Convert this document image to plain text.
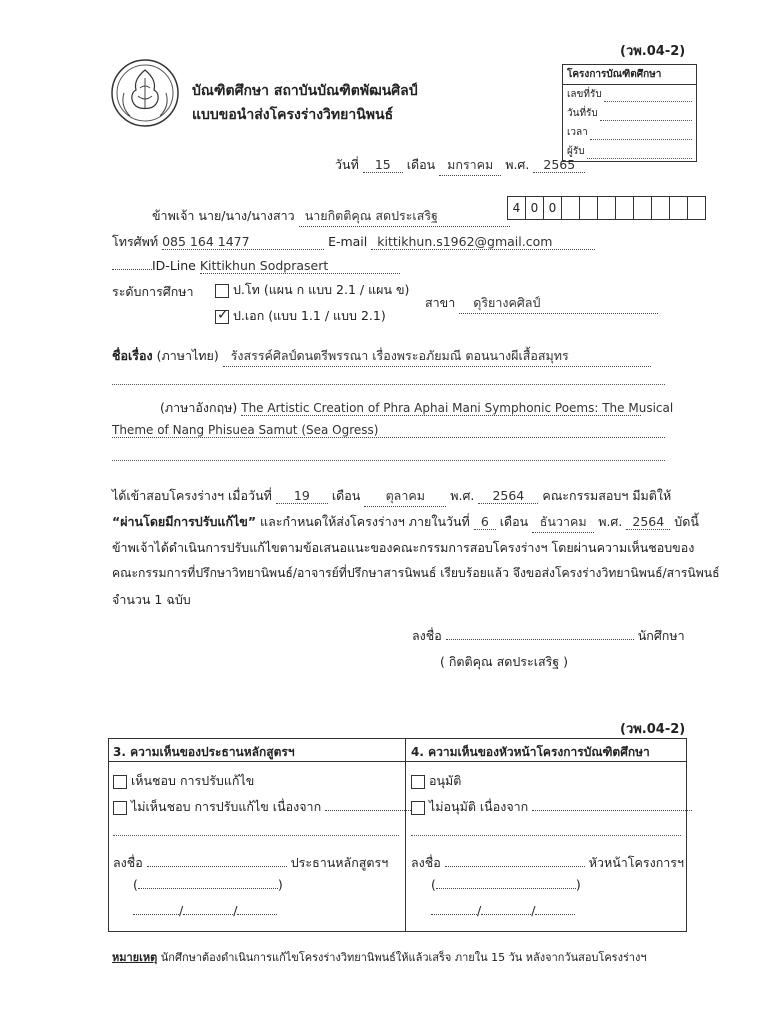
(วพ.04-2)
บัณฑิตศึกษา สถาบันบัณฑิตพัฒนศิลป์
แบบขอนำส่งโครงร่างวิทยานิพนธ์
โครงการบัณฑิตศึกษา
เลขที่รับ
วันที่รับ
เวลา
ผู้รับ
วันที่ 15 เดือน มกราคม พ.ศ. 2565
ข้าพเจ้า นาย/นาง/นางสาว นายกิตติคุณ สดประเสริฐ	4 0 0
โทรศัพท์ 085 164 1477	E-mail kittikhun.s1962@gmail.com
ID-Line Kittikhun Sodprasert
ระดับการศึกษา	ป.โท (แผน ก แบบ 2.1 / แผน ข)
✓ป.เอก (แบบ 1.1 / แบบ 2.1)
สาขา ดุริยางคศิลป์
ชื่อเรื่อง (ภาษาไทย) รังสรรค์ศิลป์ดนตรีพรรณา เรื่องพระอภัยมณี ตอนนางผีเสื้อสมุทร
(ภาษาอังกฤษ) The Artistic Creation of Phra Aphai Mani Symphonic Poems: The Musical
Theme of Nang Phisuea Samut (Sea Ogress)
ได้เข้าสอบโครงร่างฯ เมื่อวันที่ 19 เดือน ตุลาคม พ.ศ. 2564 คณะกรรมสอบฯ มีมติให้
“ผ่านโดยมีการปรับแก้ไข” และกำหนดให้ส่งโครงร่างฯ ภายในวันที่ 6 เดือน ธันวาคม พ.ศ. 2564 บัดนี้
ข้าพเจ้าได้ดำเนินการปรับแก้ไขตามข้อเสนอแนะของคณะกรรมการสอบโครงร่างฯ โดยผ่านความเห็นชอบของ
คณะกรรมการที่ปรึกษาวิทยานิพนธ์/อาจารย์ที่ปรึกษาสารนิพนธ์ เรียบร้อยแล้ว จึงขอส่งโครงร่างวิทยานิพนธ์/สารนิพนธ์
จำนวน 1 ฉบับ
ลงชื่อ	นักศึกษา
( กิตติคุณ สดประเสริฐ )
(วพ.04-2)
3. ความเห็นของประธานหลักสูตรฯ
เห็นชอบ การปรับแก้ไข
ไม่เห็นชอบ การปรับแก้ไข เนื่องจาก
ลงชื่อ	ประธานหลักสูตรฯ
(	)
/	/
4. ความเห็นของหัวหน้าโครงการบัณฑิตศึกษา
อนุมัติ
ไม่อนุมัติ เนื่องจาก
ลงชื่อ	หัวหน้าโครงการฯ
(	)
/	/
หมายเหตุ นักศึกษาต้องดำเนินการแก้ไขโครงร่างวิทยานิพนธ์ให้แล้วเสร็จ ภายใน 15 วัน หลังจากวันสอบโครงร่างฯ
